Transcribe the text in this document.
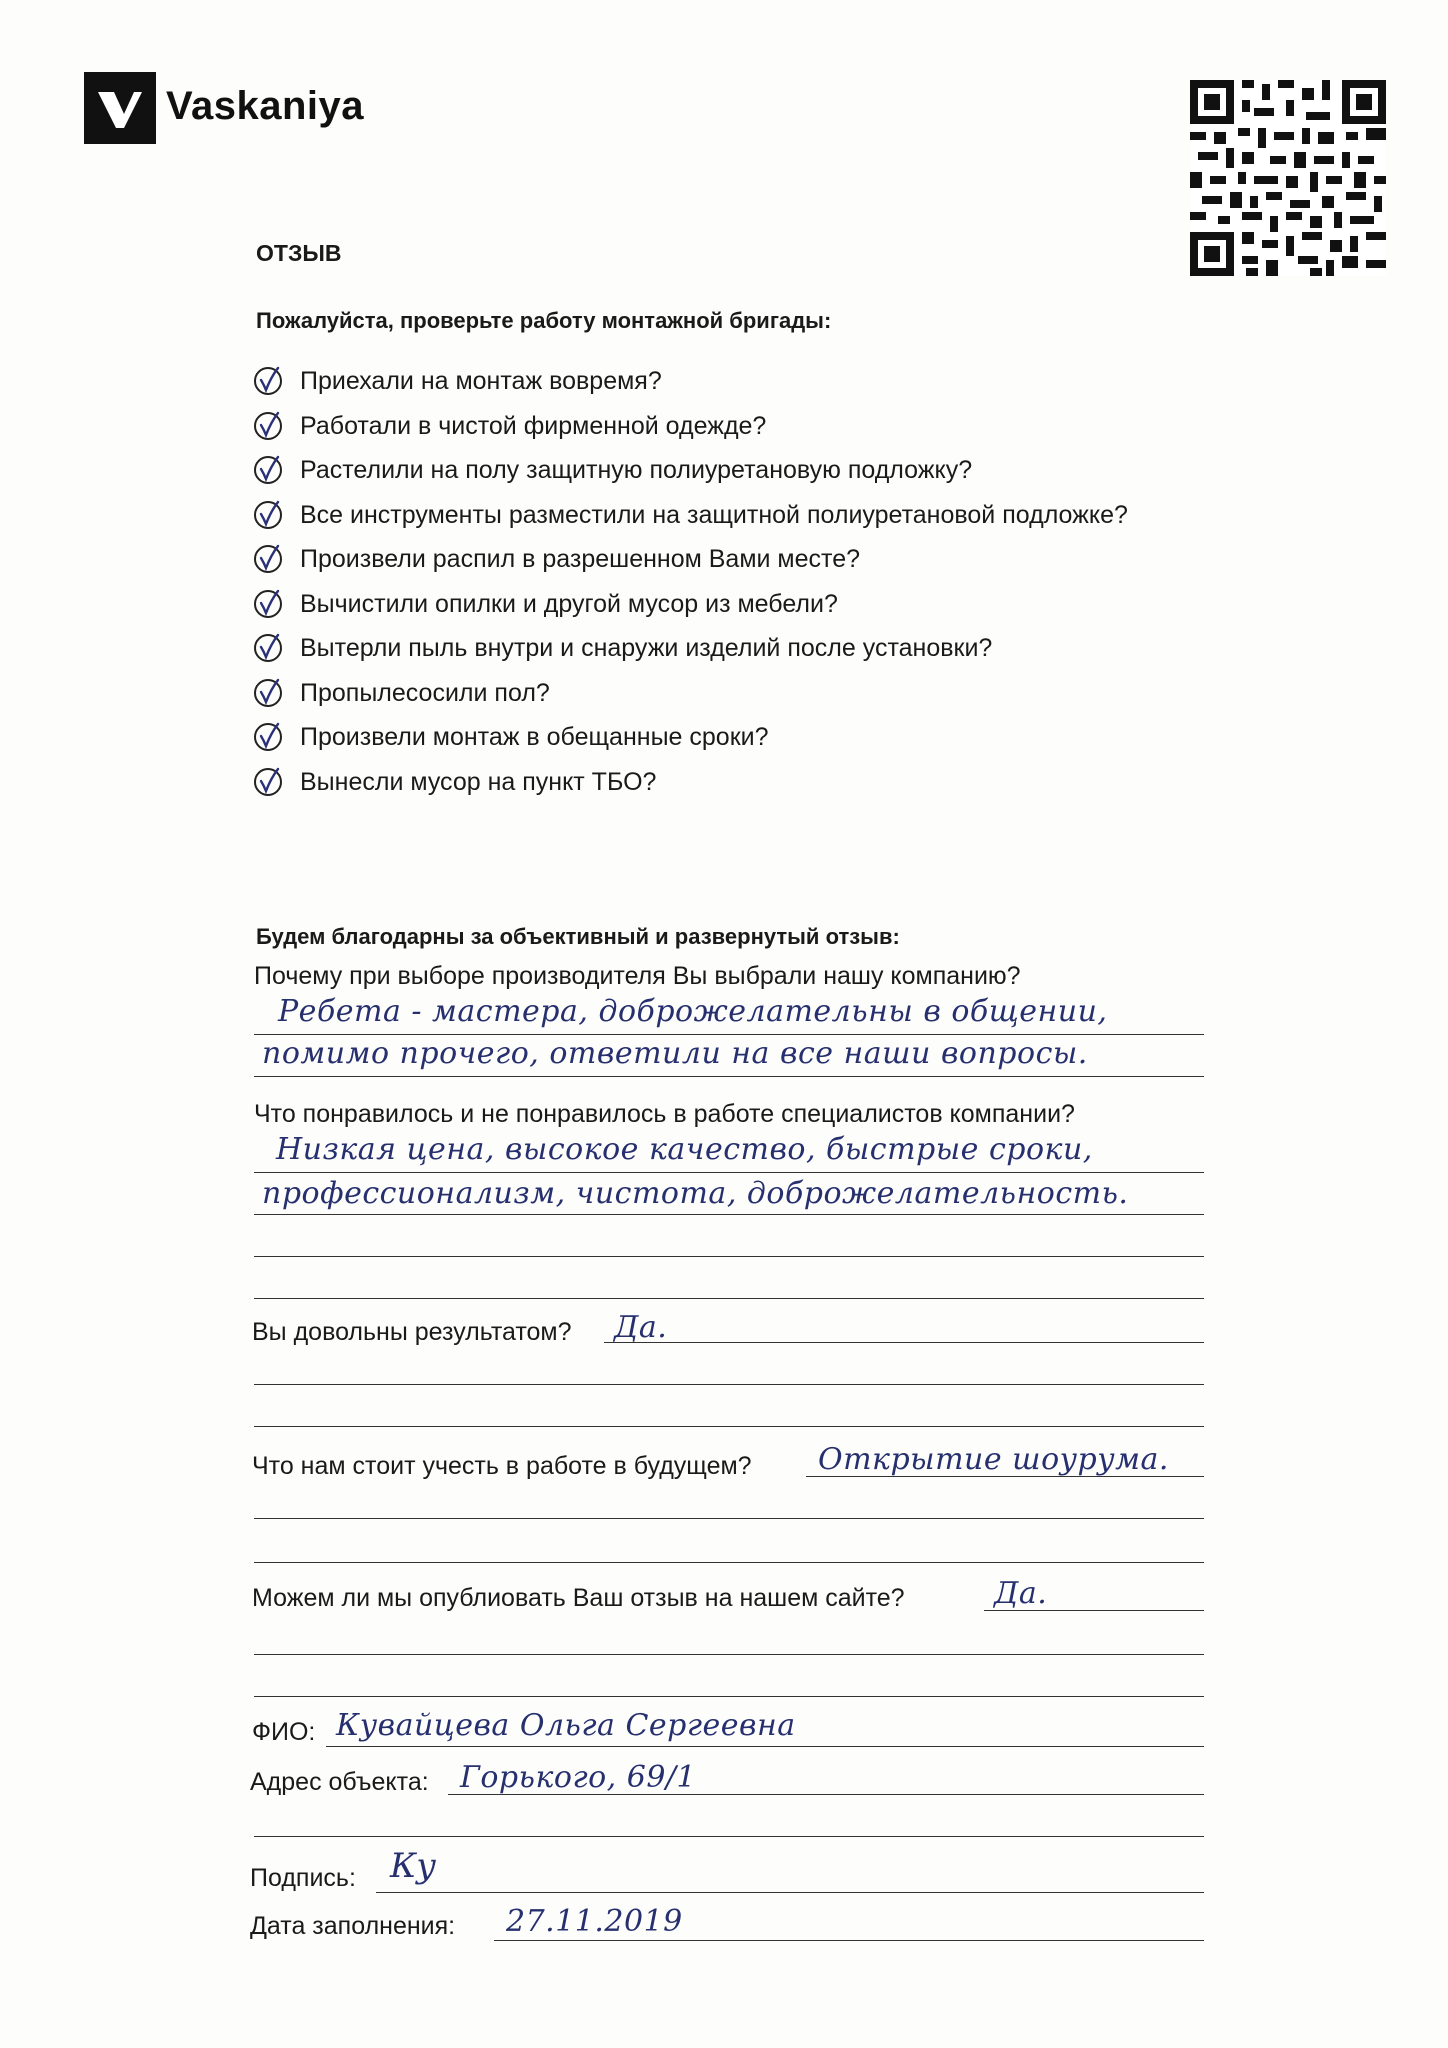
Vaskaniya
ОТЗЫВ
Пожалуйста, проверьте работу монтажной бригады:
Приехали на монтаж вовремя?
Работали в чистой фирменной одежде?
Растелили на полу защитную полиуретановую подложку?
Все инструменты разместили на защитной полиуретановой подложке?
Произвели распил в разрешенном Вами месте?
Вычистили опилки и другой мусор из мебели?
Вытерли пыль внутри и снаружи изделий после установки?
Пропылесосили пол?
Произвели монтаж в обещанные сроки?
Вынесли мусор на пункт ТБО?
Будем благодарны за объективный и развернутый отзыв:
Почему при выборе производителя Вы выбрали нашу компанию?
Ребета - мастера, доброжелательны в общении,
помимо прочего, ответили на все наши вопросы.
Что понравилось и не понравилось в работе специалистов компании?
Низкая цена, высокое качество, быстрые сроки,
профессионализм, чистота, доброжелательность.
Вы довольны результатом? Да.
Что нам стоит учесть в работе в будущем? Открытие шоурума.
Можем ли мы опублиовать Ваш отзыв на нашем сайте?	Да.
ФИО: Кувайцева Ольга Сергеевна
Адрес объекта: Горького, 69/1
Подпись: Ку
Дата заполнения: 27.11.2019
